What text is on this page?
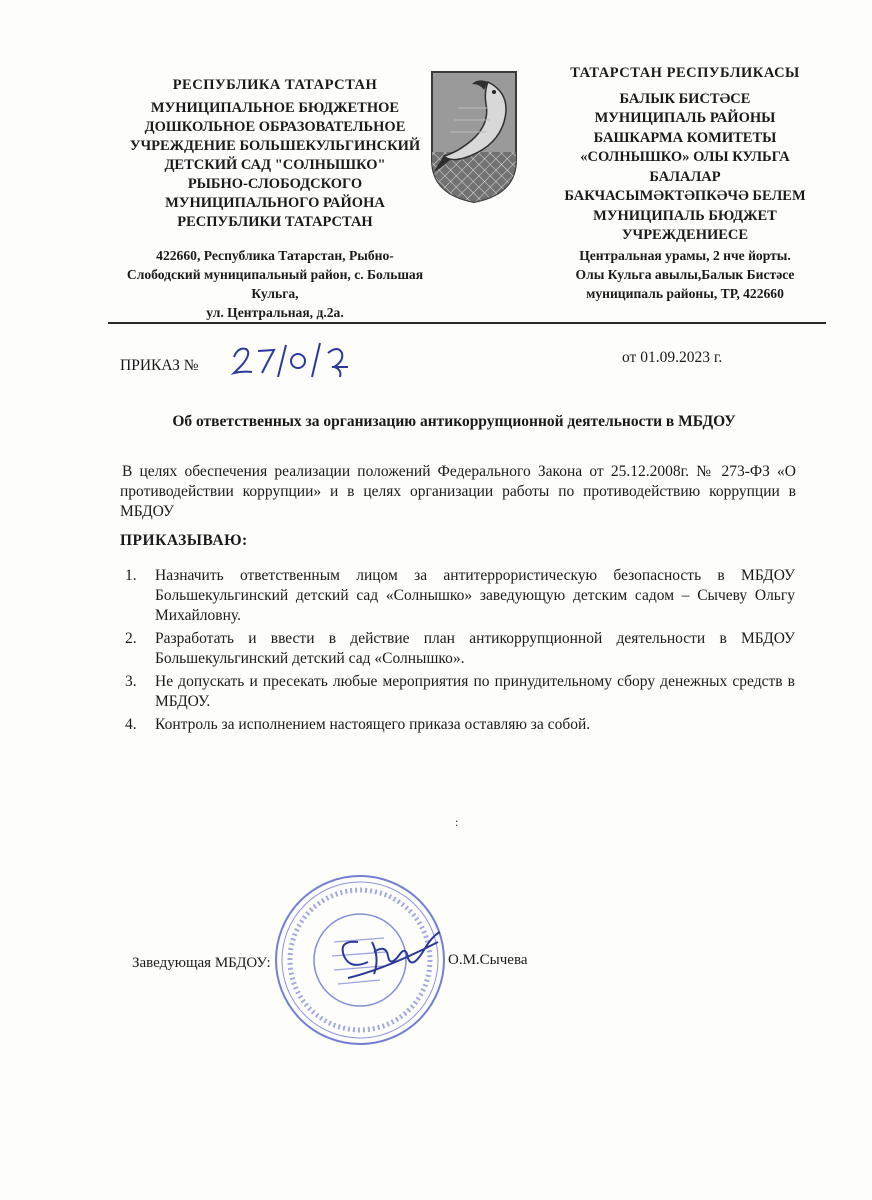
РЕСПУБЛИКА ТАТАРСТАН
МУНИЦИПАЛЬНОЕ БЮДЖЕТНОЕ
ДОШКОЛЬНОЕ ОБРАЗОВАТЕЛЬНОЕ
УЧРЕЖДЕНИЕ БОЛЬШЕКУЛЬГИНСКИЙ
ДЕТСКИЙ САД "СОЛНЫШКО"
РЫБНО-СЛОБОДСКОГО
МУНИЦИПАЛЬНОГО РАЙОНА
РЕСПУБЛИКИ ТАТАРСТАН
422660, Республика Татарстан, Рыбно-
Слободский муниципальный район, с. Большая
Кульга,
ул. Центральная, д.2а.
ТАТАРСТАН РЕСПУБЛИКАСЫ
БАЛЫК БИСТӘСЕ
МУНИЦИПАЛЬ РАЙОНЫ
БАШКАРМА КОМИТЕТЫ
«СОЛНЫШКО» ОЛЫ КУЛЬГА
БАЛАЛАР
БАКЧАСЫМӘКТӘПКӘЧӘ БЕЛЕМ
МУНИЦИПАЛЬ БЮДЖЕТ
УЧРЕЖДЕНИЕСЕ
Центральная урамы, 2 нче йорты.
Олы Кульга авылы,Балык Бистәсе
муниципаль районы, ТР, 422660
ПРИКАЗ №	от 01.09.2023 г.
Об ответственных за организацию антикоррупционной деятельности в МБДОУ
В целях обеспечения реализации положений Федерального Закона от 25.12.2008г. № 273-ФЗ «О противодействии коррупции» и в целях организации работы по противодействию коррупции в МБДОУ
ПРИКАЗЫВАЮ:
1. Назначить ответственным лицом за антитеррористическую безопасность в МБДОУ Большекульгинский детский сад «Солнышко» заведующую детским садом – Сычеву Ольгу Михайловну.
2. Разработать и ввести в действие план антикоррупционной деятельности в МБДОУ Большекульгинский детский сад «Солнышко».
3. Не допускать и пресекать любые мероприятия по принудительному сбору денежных средств в МБДОУ.
4. Контроль за исполнением настоящего приказа оставляю за собой.
:
Заведующая МБДОУ:	О.М.Сычева
